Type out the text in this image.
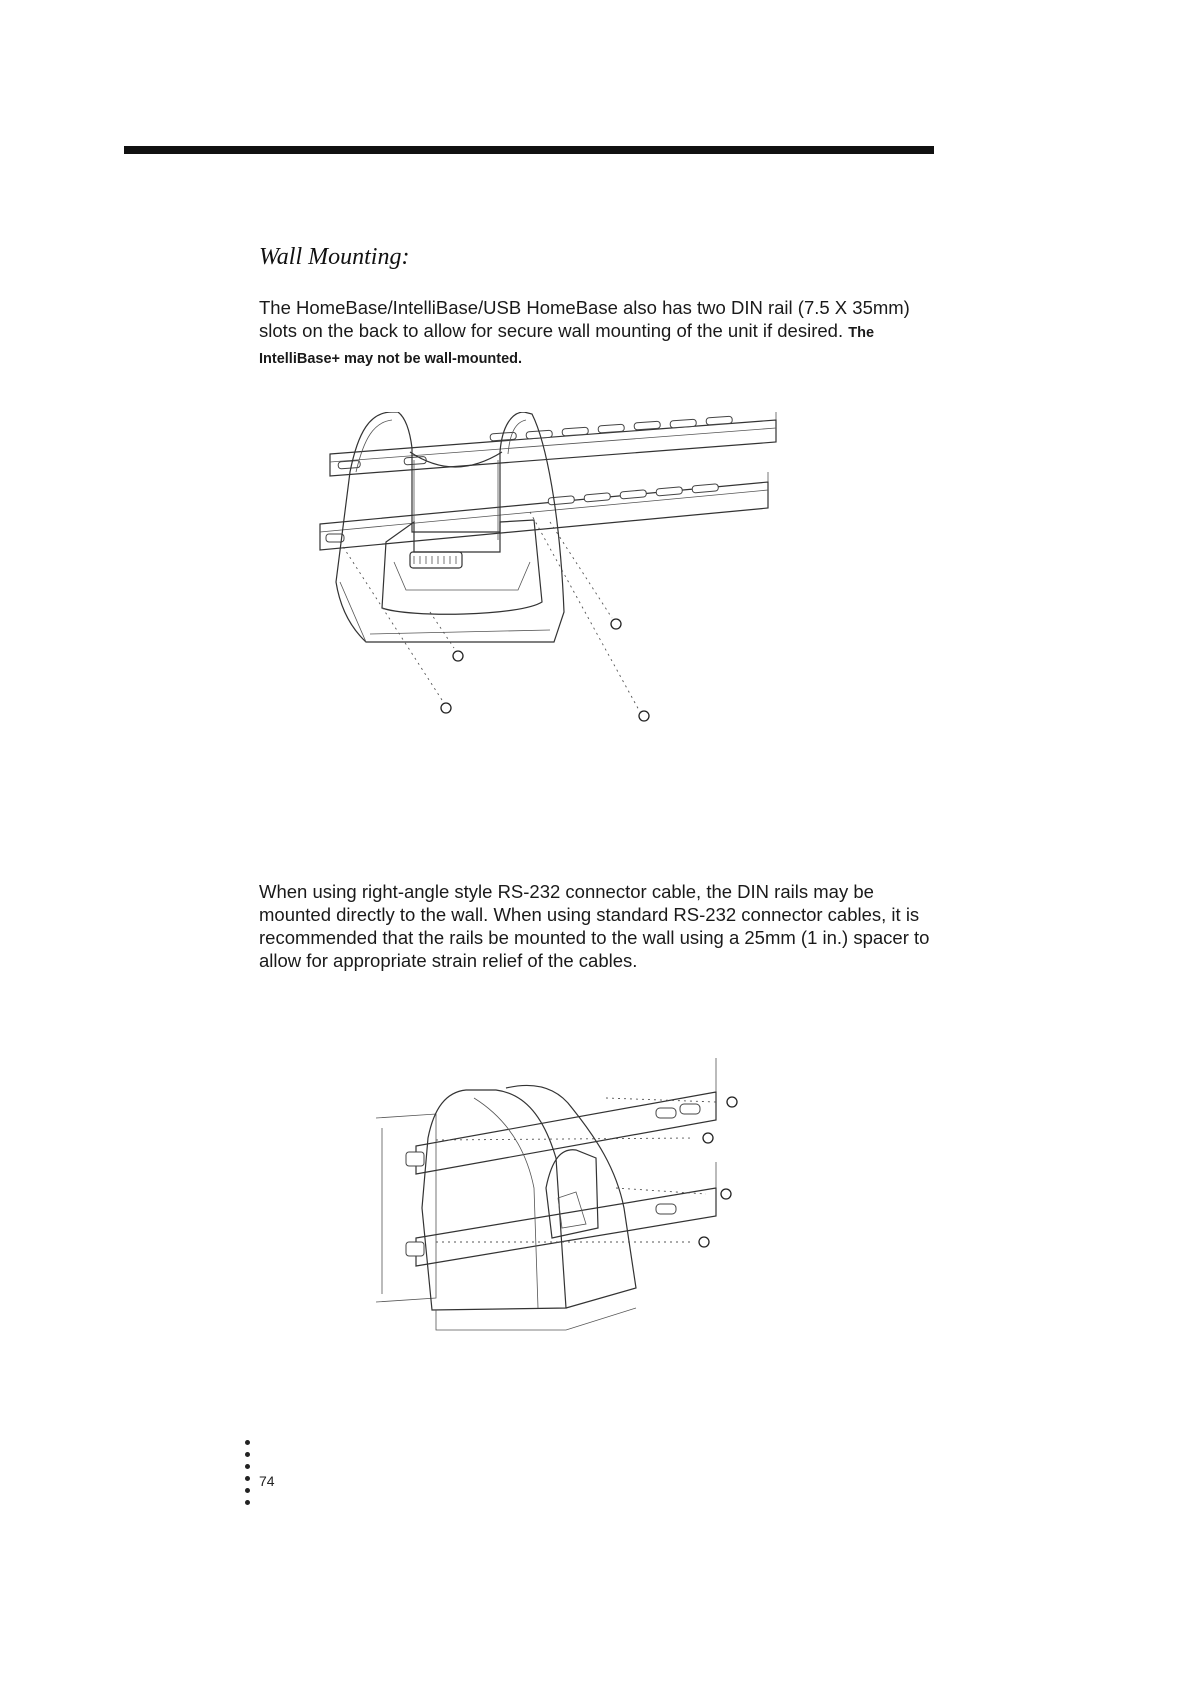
Wall Mounting:
The HomeBase/IntelliBase/USB HomeBase also has two DIN rail (7.5 X 35mm) slots on the back to allow for secure wall mounting of the unit if desired. The IntelliBase+ may not be wall-mounted.
When using right-angle style RS-232 connector cable, the DIN rails may be mounted directly to the wall. When using standard RS-232 connector cables, it is recommended that the rails be mounted to the wall using a 25mm (1 in.) spacer to allow for appropriate strain relief of the cables.
74
